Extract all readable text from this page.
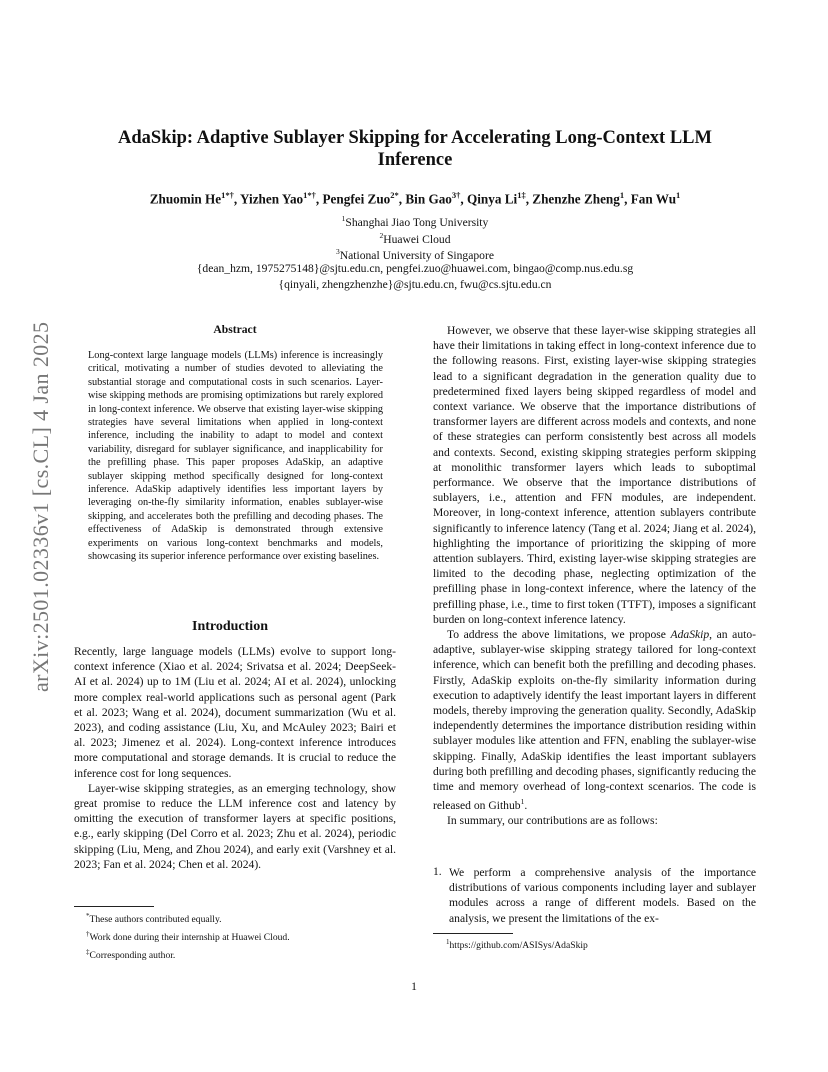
arXiv:2501.02336v1 [cs.CL] 4 Jan 2025
AdaSkip: Adaptive Sublayer Skipping for Accelerating Long-Context LLM Inference
Zhuomin $He^{1*\dagger}$, Yizhen Yao$^{1*\dagger}$, Pengfei Zuo$^{2*}$, Bin Gao$^{3\dagger}$, Qinya $Li^{1\ddagger}$, Zhenzhe Zheng$^1$, Fan Wu$^1$
$^1$Shanghai Jiao Tong University
$^2$Huawei Cloud
$^3$National University of Singapore
{dean_hzm, 1975275148}@sjtu.edu.cn, pengfei.zuo@huawei.com, bingao@comp.nus.edu.sg
{qinyali, zhengzhenzhe}@sjtu.edu.cn, fwu@cs.sjtu.edu.cn
Abstract
Long-context large language models (LLMs) inference is increasingly critical, motivating a number of studies devoted to alleviating the substantial storage and computational costs in such scenarios. Layer-wise skipping methods are promising optimizations but rarely explored in long-context inference. We observe that existing layer-wise skipping strategies have several limitations when applied in long-context inference, including the inability to adapt to model and context variability, disregard for sublayer significance, and inapplicability for the prefilling phase. This paper proposes AdaSkip, an adaptive sublayer skipping method specifically designed for long-context inference. AdaSkip adaptively identifies less important layers by leveraging on-the-fly similarity information, enables sublayer-wise skipping, and accelerates both the prefilling and decoding phases. The effectiveness of AdaSkip is demonstrated through extensive experiments on various long-context benchmarks and models, showcasing its superior inference performance over existing baselines.
Introduction

Recently, large language models (LLMs) evolve to support long-context inference (Xiao et al. 2024; Srivatsa et al. 2024; DeepSeek-AI et al. 2024) up to 1M (Liu et al. 2024; AI et al. 2024), unlocking more complex real-world applications such as personal agent (Park et al. 2023; Wang et al. 2024), document summarization (Wu et al. 2023), and coding assistance (Liu, Xu, and McAuley 2023; Bairi et al. 2023; Jimenez et al. 2024). Long-context inference introduces more computational and storage demands. It is crucial to reduce the inference cost for long sequences.

Layer-wise skipping strategies, as an emerging technology, show great promise to reduce the LLM inference cost and latency by omitting the execution of transformer layers at specific positions, e.g., early skipping (Del Corro et al. 2023; Zhu et al. 2024), periodic skipping (Liu, Meng, and Zhou 2024), and early exit (Varshney et al. 2023; Fan et al. 2024; Chen et al. 2024).

*These authors contributed equally.
†Work done during their internship at Huawei Cloud.
‡Corresponding author.

However, we observe that these layer-wise skipping strategies all have their limitations in taking effect in long-context inference due to the following reasons. First, existing layer-wise skipping strategies lead to a significant degradation in the generation quality due to predetermined fixed layers being skipped regardless of model and context variance. We observe that the importance distributions of transformer layers are different across models and contexts, and none of these strategies can perform consistently best across all models and contexts. Second, existing skipping strategies perform skipping at monolithic transformer layers which leads to suboptimal performance. We observe that the importance distributions of sublayers, i.e., attention and FFN modules, are independent. Moreover, in long-context inference, attention sublayers contribute significantly to inference latency (Tang et al. 2024; Jiang et al. 2024), highlighting the importance of prioritizing the skipping of more attention sublayers. Third, existing layer-wise skipping strategies are limited to the decoding phase, neglecting optimization of the prefilling phase in long-context inference, where the latency of the prefilling phase, i.e., time to first token (TTFT), imposes a significant burden on long-context inference latency.

To address the above limitations, we propose AdaSkip, an auto-adaptive, sublayer-wise skipping strategy tailored for long-context inference, which can benefit both the prefilling and decoding phases. Firstly, AdaSkip exploits on-the-fly similarity information during execution to adaptively identify the least important layers in different models, thereby improving the generation quality. Secondly, AdaSkip independently determines the importance distribution residing within sublayer modules like attention and FFN, enabling the sublayer-wise skipping. Finally, AdaSkip identifies the least important sublayers during both prefilling and decoding phases, significantly reducing the time and memory overhead of long-context scenarios. The code is released on Github$^1$.

In summary, our contributions are as follows:

1. We perform a comprehensive analysis of the importance distributions of various components including layer and sublayer modules across a range of different models. Based on the analysis, we present the limitations of the ex-

$^1$https://github.com/ASISys/AdaSkip
1
